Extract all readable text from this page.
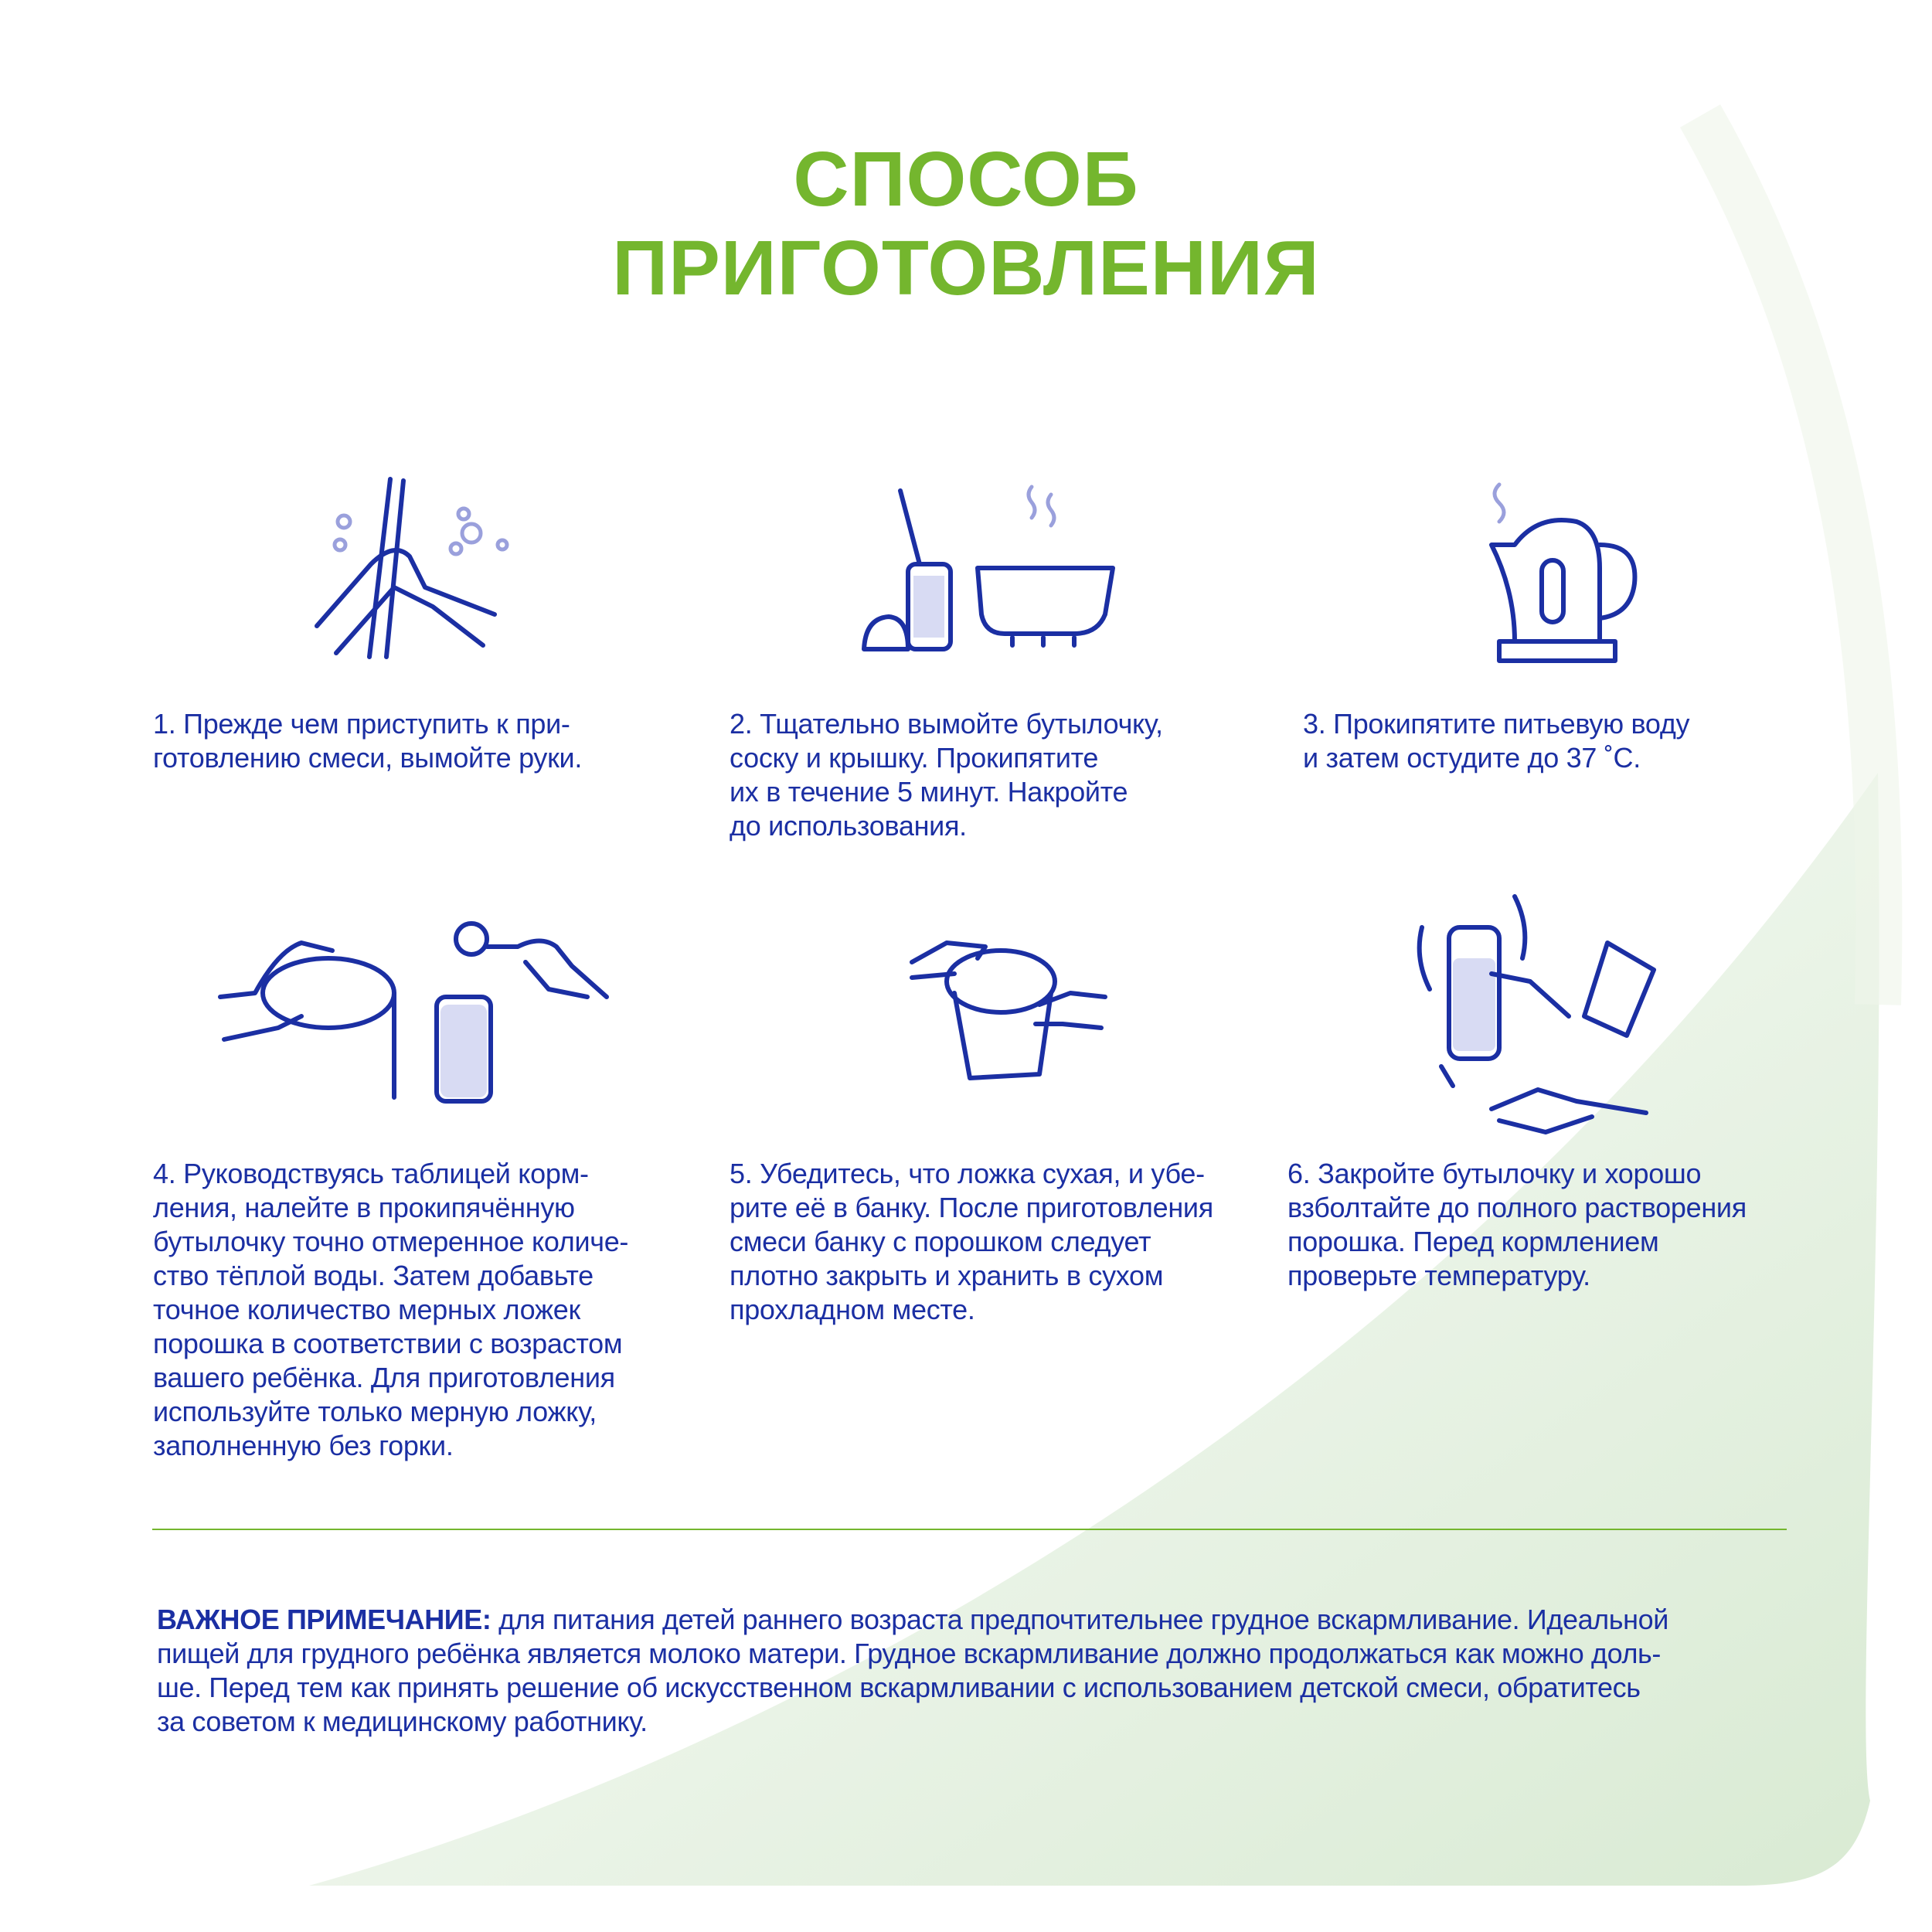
СПОСОБ
ПРИГОТОВЛЕНИЯ

1. Прежде чем приступить к при-

готовлению смеси, вымойте руки.

2. Тщательно вымойте бутылочку,

соску и крышку. Прокипятите

их в течение 5 минут. Накройте

до использования.

3. Прокипятите питьевую воду

и затем остудите до 37 ˚С.

4. Руководствуясь таблицей корм-

ления, налейте в прокипячённую

бутылочку точно отмеренное количе-

ство тёплой воды. Затем добавьте

точное количество мерных ложек

порошка в соответствии с возрастом

вашего ребёнка. Для приготовления

используйте только мерную ложку,

заполненную без горки.

5. Убедитесь, что ложка сухая, и убе-

рите её в банку. После приготовления

смеси банку с порошком следует

плотно закрыть и хранить в сухом

прохладном месте.

6. Закройте бутылочку и хорошо

взболтайте до полного растворения

порошка. Перед кормлением

проверьте температуру.

ВАЖНОЕ ПРИМЕЧАНИЕ: для питания детей раннего возраста предпочтительнее грудное вскармливание. Идеальной
пищей для грудного ребёнка является молоко матери. Грудное вскармливание должно продолжаться как можно доль-
ше. Перед тем как принять решение об искусственном вскармливании с использованием детской смеси, обратитесь
за советом к медицинскому работнику.
